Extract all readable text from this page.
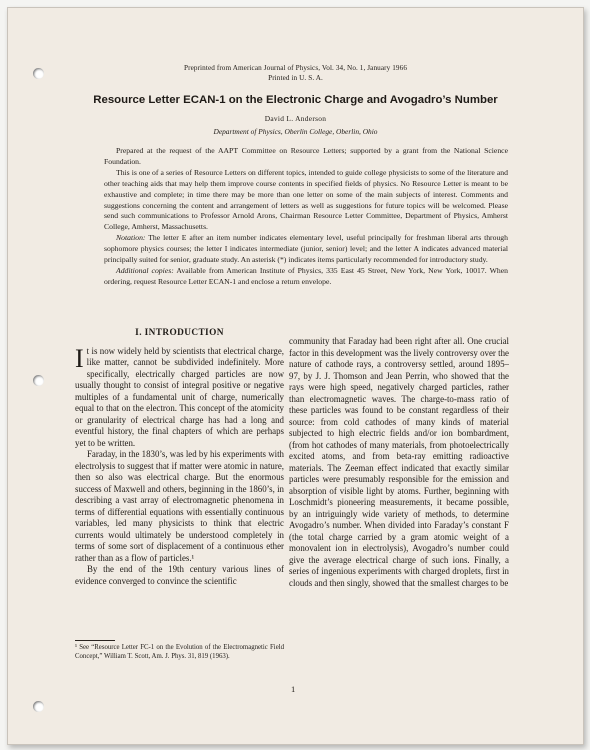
Preprinted from American Journal of Physics, Vol. 34, No. 1, January 1966
Printed in U. S. A.
Resource Letter ECAN-1 on the Electronic Charge and Avogadro’s Number
David L. Anderson
Department of Physics, Oberlin College, Oberlin, Ohio

Prepared at the request of the AAPT Committee on Resource Letters; supported by a grant from the National Science Foundation.

This is one of a series of Resource Letters on different topics, intended to guide college physicists to some of the literature and other teaching aids that may help them improve course contents in specified fields of physics. No Resource Letter is meant to be exhaustive and complete; in time there may be more than one letter on some of the main subjects of interest. Comments and suggestions concerning the content and arrangement of letters as well as suggestions for future topics will be welcomed. Please send such communications to Professor Arnold Arons, Chairman Resource Letter Committee, Department of Physics, Amherst College, Amherst, Massachusetts.

Notation: The letter E after an item number indicates elementary level, useful principally for freshman liberal arts through sophomore physics courses; the letter I indicates intermediate (junior, senior) level; and the letter A indicates advanced material principally suited for senior, graduate study. An asterisk (*) indicates items particularly recommended for introductory study.

Additional copies: Available from American Institute of Physics, 335 East 45 Street, New York, New York, 10017. When ordering, request Resource Letter ECAN-1 and enclose a return envelope.

I. INTRODUCTION

It is now widely held by scientists that electrical charge, like matter, cannot be subdivided indefinitely. More specifically, electrically charged particles are now usually thought to consist of integral positive or negative multiples of a fundamental unit of charge, numerically equal to that on the electron. This concept of the atomicity or granularity of electrical charge has had a long and eventful history, the final chapters of which are perhaps yet to be written.

Faraday, in the 1830’s, was led by his experiments with electrolysis to suggest that if matter were atomic in nature, then so also was electrical charge. But the enormous success of Maxwell and others, beginning in the 1860’s, in describing a vast array of electromagnetic phenomena in terms of differential equations with essentially continuous variables, led many physicists to think that electric currents would ultimately be understood completely in terms of some sort of displacement of a continuous ether rather than as a flow of particles.¹

By the end of the 19th century various lines of evidence converged to convince the scientific

community that Faraday had been right after all. One crucial factor in this development was the lively controversy over the nature of cathode rays, a controversy settled, around 1895–97, by J. J. Thomson and Jean Perrin, who showed that the rays were high speed, negatively charged particles, rather than electromagnetic waves. The charge-to-mass ratio of these particles was found to be constant regardless of their source: from cold cathodes of many kinds of material subjected to high electric fields and/or ion bombardment, (from hot cathodes of many materials, from photoelectrically excited atoms, and from beta-ray emitting radioactive materials. The Zeeman effect indicated that exactly similar particles were presumably responsible for the emission and absorption of visible light by atoms. Further, beginning with Loschmidt’s pioneering measurements, it became possible, by an intriguingly wide variety of methods, to determine Avogadro’s number. When divided into Faraday’s constant F (the total charge carried by a gram atomic weight of a monovalent ion in electrolysis), Avogadro’s number could give the average electrical charge of such ions. Finally, a series of ingenious experiments with charged droplets, first in clouds and then singly, showed that the smallest charges to be

¹ See “Resource Letter FC-1 on the Evolution of the Electromagnetic Field Concept,” William T. Scott, Am. J. Phys. 31, 819 (1963).
1
